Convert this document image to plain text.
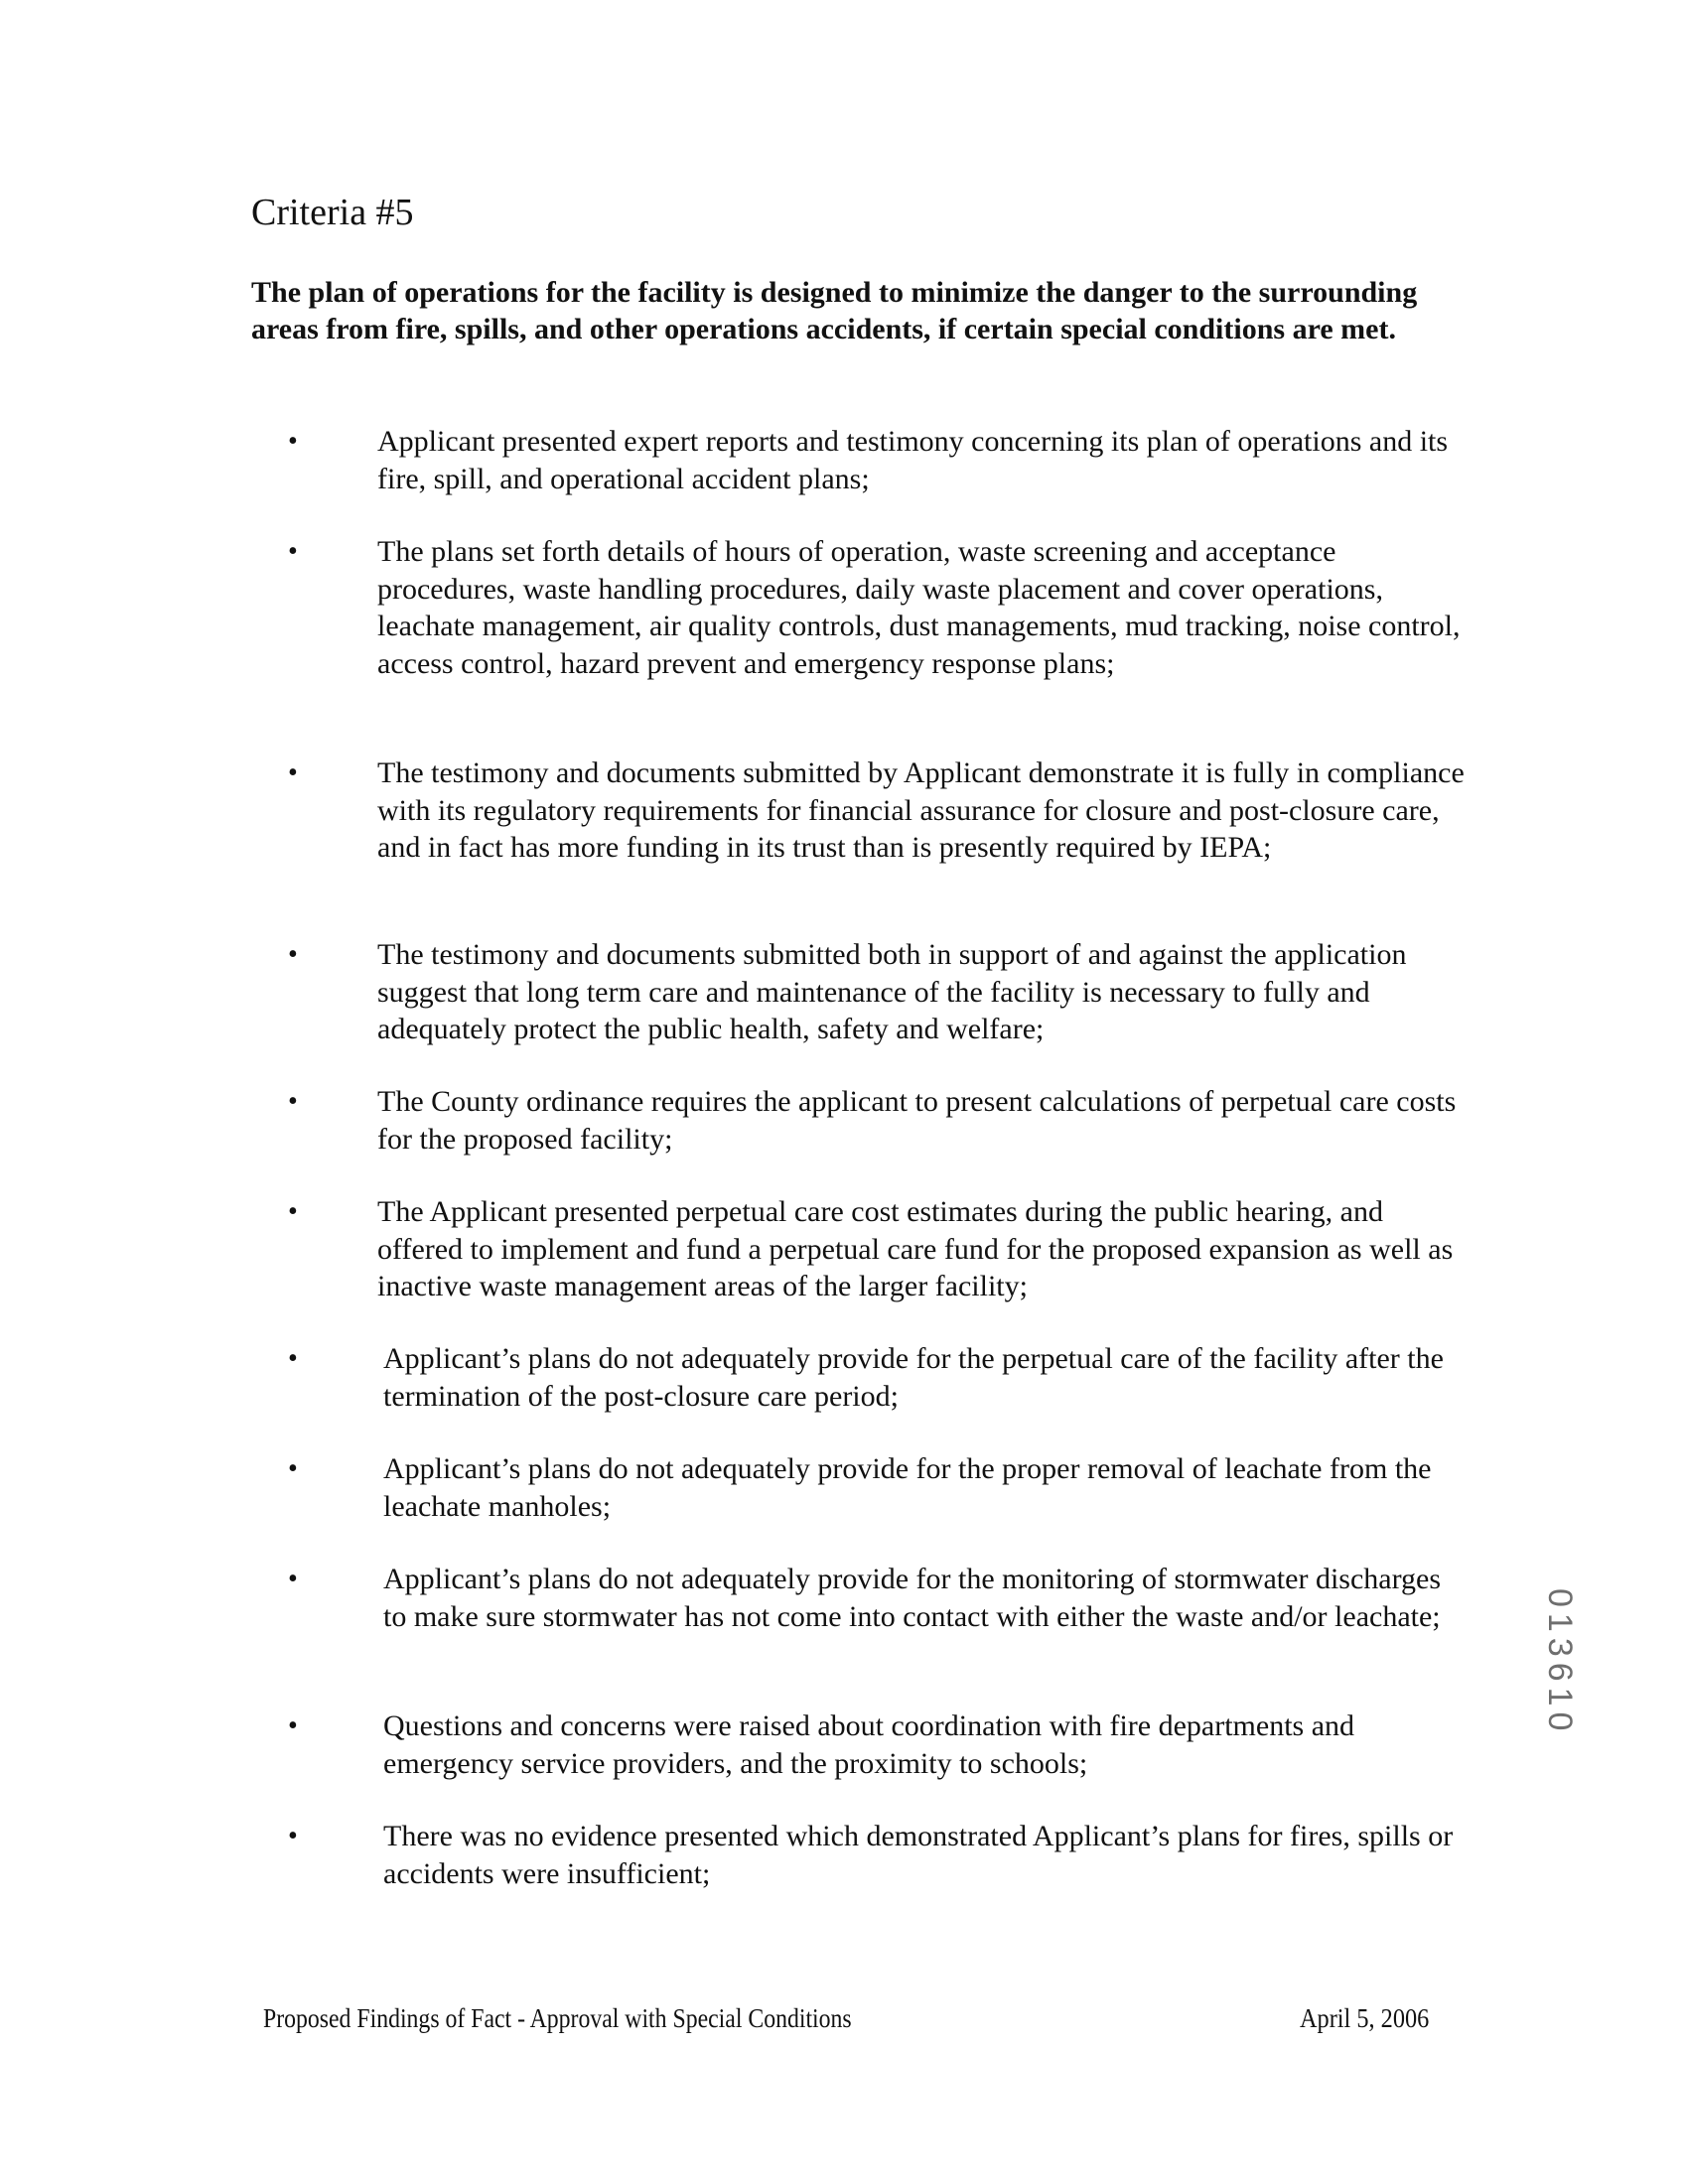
Criteria #5

The plan of operations for the facility is designed to minimize the danger to the surrounding areas from fire, spills, and other operations accidents, if certain special conditions are met.

•	Applicant presented expert reports and testimony concerning its plan of operations and its fire, spill, and operational accident plans;
•	The plans set forth details of hours of operation, waste screening and acceptance procedures, waste handling procedures, daily waste placement and cover operations, leachate management, air quality controls, dust managements, mud tracking, noise control, access control, hazard prevent and emergency response plans;
•	The testimony and documents submitted by Applicant demonstrate it is fully in compliance with its regulatory requirements for financial assurance for closure and post-closure care, and in fact has more funding in its trust than is presently required by IEPA;
•	The testimony and documents submitted both in support of and against the application suggest that long term care and maintenance of the facility is necessary to fully and adequately protect the public health, safety and welfare;
•	The County ordinance requires the applicant to present calculations of perpetual care costs for the proposed facility;
•	The Applicant presented perpetual care cost estimates during the public hearing, and offered to implement and fund a perpetual care fund for the proposed expansion as well as inactive waste management areas of the larger facility;
•	Applicant’s plans do not adequately provide for the perpetual care of the facility after the termination of the post-closure care period;
•	Applicant’s plans do not adequately provide for the proper removal of leachate from the leachate manholes;
•	Applicant’s plans do not adequately provide for the monitoring of stormwater discharges to make sure stormwater has not come into contact with either the waste and/or leachate;
•	Questions and concerns were raised about coordination with fire departments and emergency service providers, and the proximity to schools;
•	There was no evidence presented which demonstrated Applicant’s plans for fires, spills or accidents were insufficient;
013610
Proposed Findings of Fact - Approval with Special Conditions	April 5, 2006
